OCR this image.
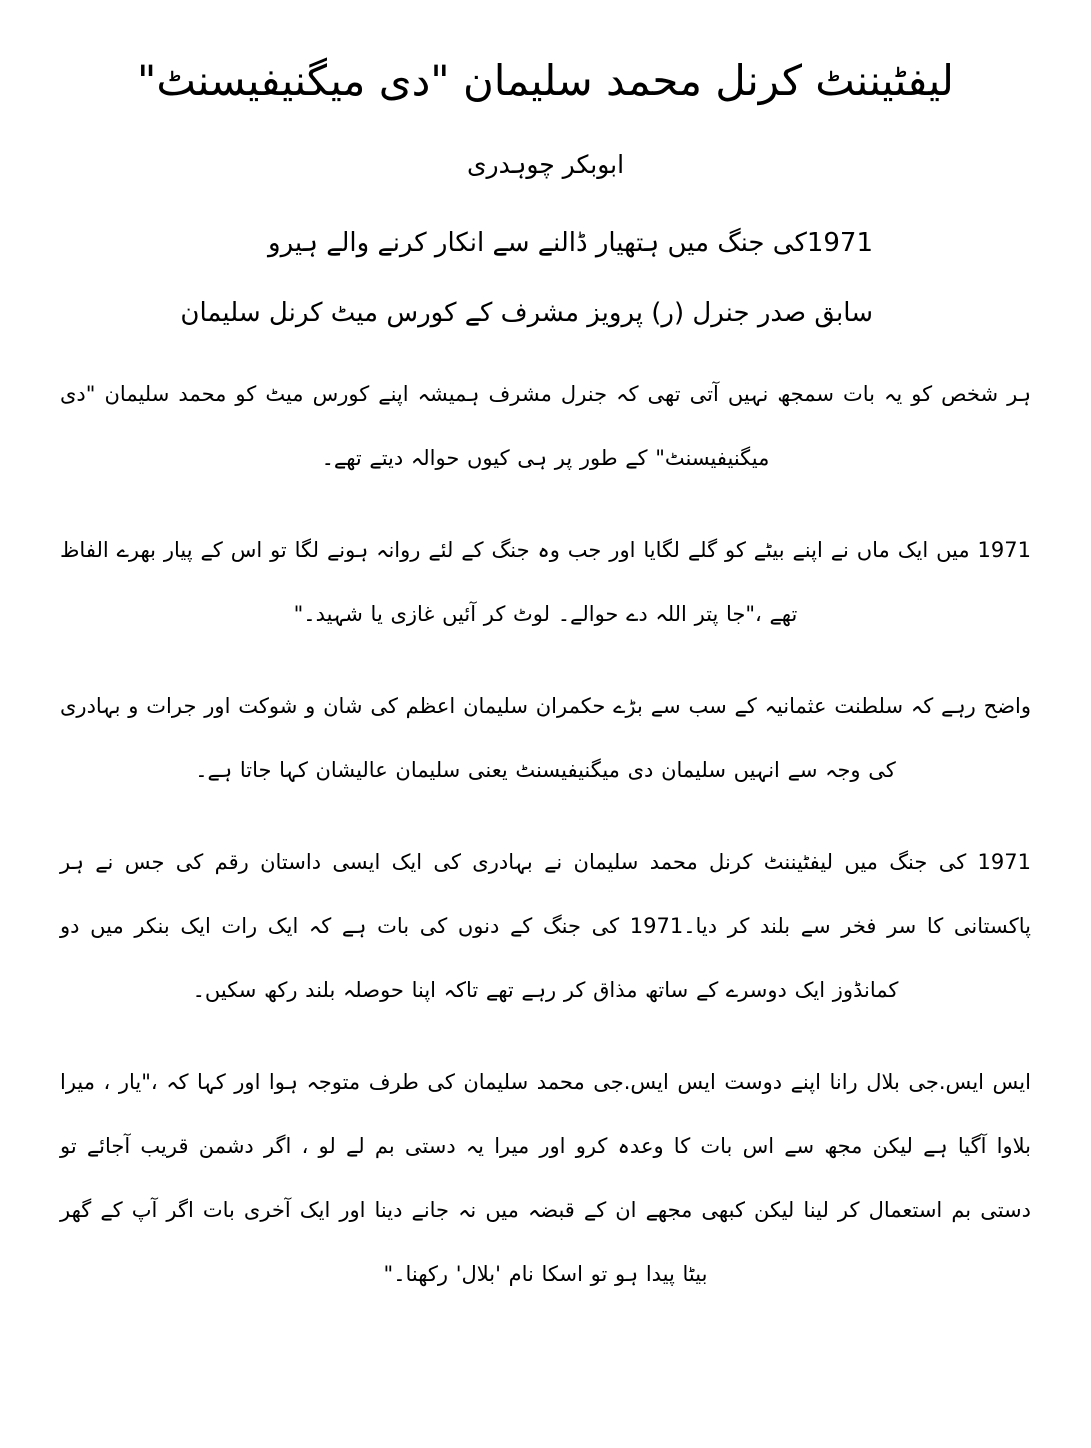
لیفٹیننٹ کرنل محمد سلیمان "دی میگنیفیسنٹ"
ابوبکر چوہدری
1971کی جنگ میں ہتھیار ڈالنے سے انکار کرنے والے ہیرو
سابق صدر جنرل (ر) پرویز مشرف کے کورس میٹ کرنل سلیمان

ہر شخص کو یہ بات سمجھ نہیں آتی تھی کہ جنرل مشرف ہمیشہ اپنے کورس میٹ کو محمد سلیمان "دی میگنیفیسنٹ" کے طور پر ہی کیوں حوالہ دیتے تھے۔

1971 میں ایک ماں نے اپنے بیٹے کو گلے لگایا اور جب وہ جنگ کے لئے روانہ ہونے لگا تو اس کے پیار بھرے الفاظ تھے ،"جا پتر اللہ دے حوالے۔ لوٹ کر آئیں غازی یا شہید۔"

واضح رہے کہ سلطنت عثمانیہ کے سب سے بڑے حکمران سلیمان اعظم کی شان و شوکت اور جرات و بہادری کی وجہ سے انہیں سلیمان دی میگنیفیسنٹ یعنی سلیمان عالیشان کہا جاتا ہے۔

1971 کی جنگ میں لیفٹیننٹ کرنل محمد سلیمان نے بہادری کی ایک ایسی داستان رقم کی جس نے ہر پاکستانی کا سر فخر سے بلند کر دیا۔1971 کی جنگ کے دنوں کی بات ہے کہ ایک رات ایک بنکر میں دو کمانڈوز ایک دوسرے کے ساتھ مذاق کر رہے تھے تاکہ اپنا حوصلہ بلند رکھ سکیں۔

ایس ایس.جی بلال رانا اپنے دوست ایس ایس.جی محمد سلیمان کی طرف متوجہ ہوا اور کہا کہ ،"یار ، میرا بلاوا آگیا ہے لیکن مجھ سے اس بات کا وعدہ کرو اور میرا یہ دستی بم لے لو ، اگر دشمن قریب آجائے تو دستی بم استعمال کر لینا لیکن کبھی مجھے ان کے قبضہ میں نہ جانے دینا اور ایک آخری بات اگر آپ کے گھر بیٹا پیدا ہو تو اسکا نام 'بلال' رکھنا۔"
